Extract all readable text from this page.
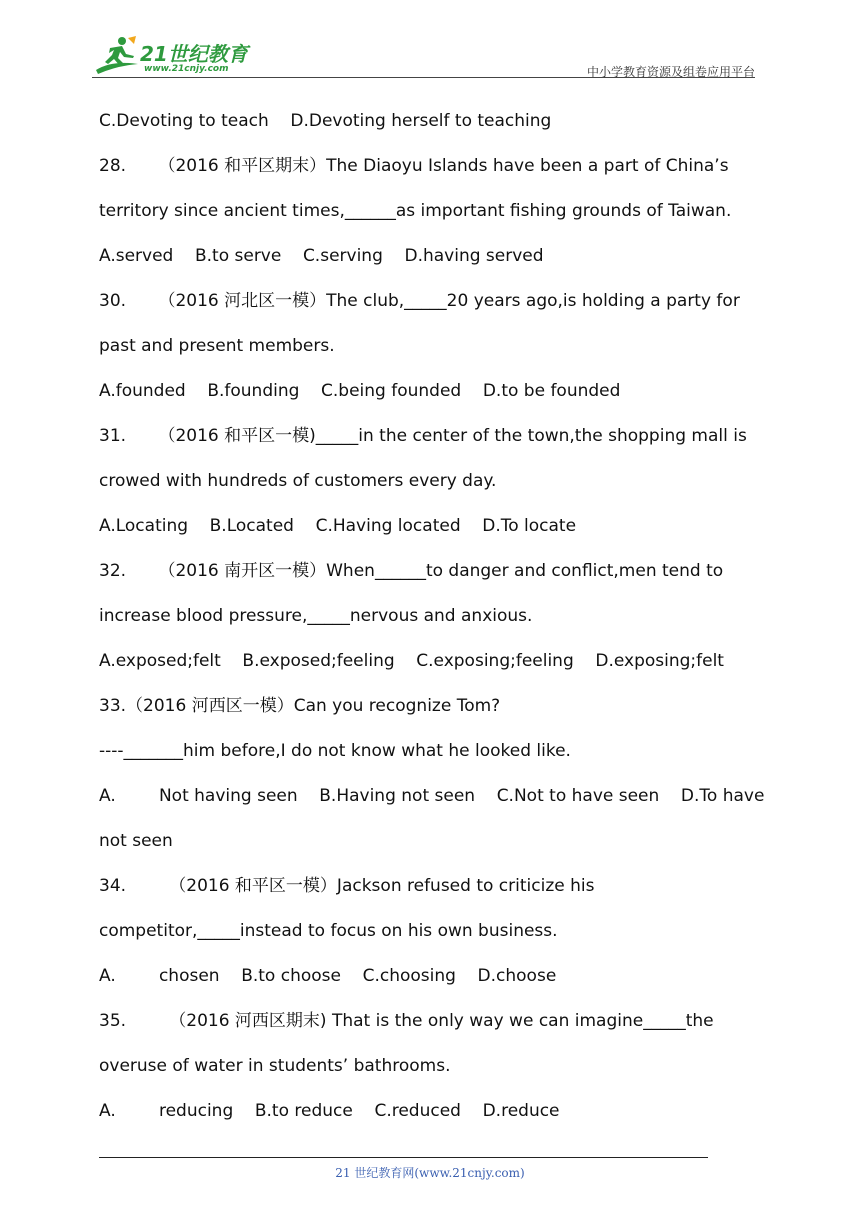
21世纪教育
www.21cnjy.com	中小学教育资源及组卷应用平台
C.Devoting to teach    D.Devoting herself to teaching
28.      （2016 和平区期末）The Diaoyu Islands have been a part of China’s
territory since ancient times,______as important fishing grounds of Taiwan.
A.served    B.to serve    C.serving    D.having served
30.      （2016 河北区一模）The club,_____20 years ago,is holding a party for
past and present members.
A.founded    B.founding    C.being founded    D.to be founded
31.      （2016 和平区一模)_____in the center of the town,the shopping mall is
crowed with hundreds of customers every day.
A.Locating    B.Located    C.Having located    D.To locate
32.      （2016 南开区一模）When______to danger and conflict,men tend to
increase blood pressure,_____nervous and anxious.
A.exposed;felt    B.exposed;feeling    C.exposing;feeling    D.exposing;felt
33.（2016 河西区一模）Can you recognize Tom?
----_______him before,I do not know what he looked like.
A.        Not having seen    B.Having not seen    C.Not to have seen    D.To have
not seen
34.        （2016 和平区一模）Jackson refused to criticize his
competitor,_____instead to focus on his own business.
A.        chosen    B.to choose    C.choosing    D.choose
35.        （2016 河西区期末) That is the only way we can imagine_____the
overuse of water in students’ bathrooms.
A.        reducing    B.to reduce    C.reduced    D.reduce
21 世纪教育网(www.21cnjy.com)
